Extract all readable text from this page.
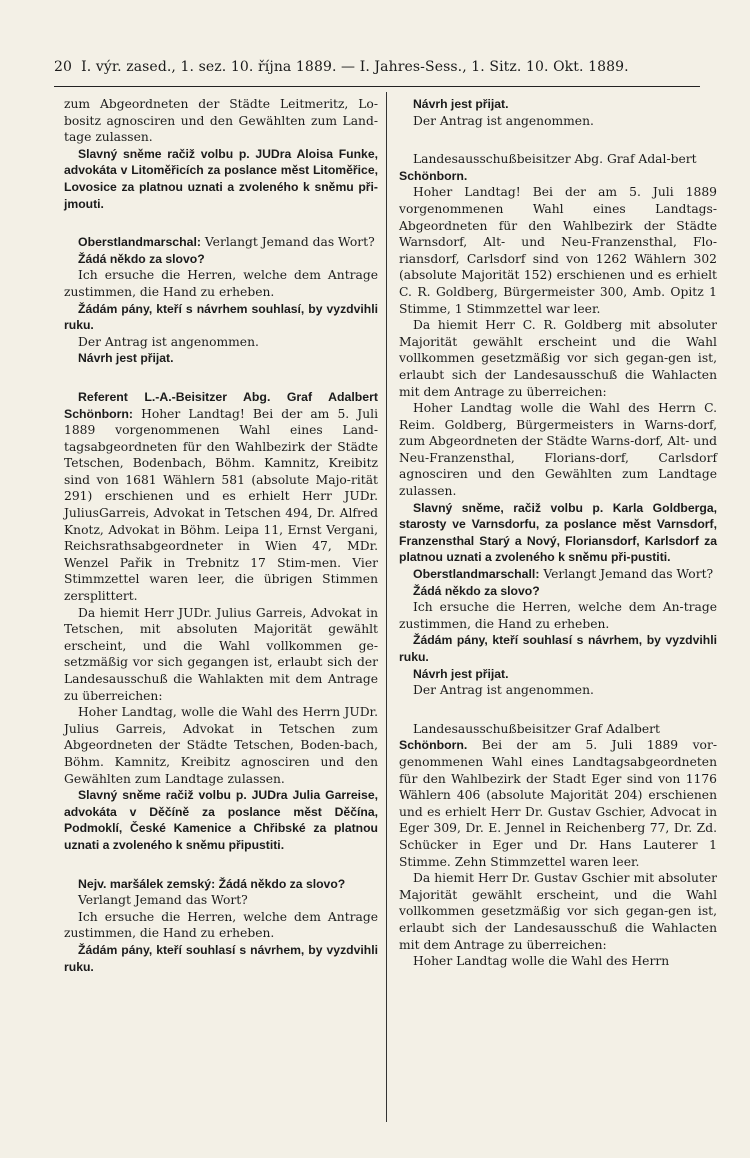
20 I. výr. zased., 1. sez. 10. října 1889. — I. Jahres-Sess., 1. Sitz. 10. Okt. 1889.

zum Abgeordneten der Städte Leitmeritz, Lo-bositz agnosciren und den Gewählten zum Land-tage zulassen.

Slavný sněme račiž volbu p. JUDra Aloisa Funke, advokáta v Litoměřicích za poslance měst Litoměřice, Lovosice za platnou uznati a zvoleného k sněmu při-jmouti.

Oberstlandmarschal: Verlangt Jemand das Wort?

Žádá někdo za slovo?

Ich ersuche die Herren, welche dem Antrage zustimmen, die Hand zu erheben.

Žádám pány, kteří s návrhem souhlasí, by vyzdvihli ruku.

Der Antrag ist angenommen.

Návrh jest přijat.

Referent L.-A.-Beisitzer Abg. Graf Adalbert Schönborn: Hoher Landtag! Bei der am 5. Juli 1889 vorgenommenen Wahl eines Land-tagsabgeordneten für den Wahlbezirk der Städte Tetschen, Bodenbach, Böhm. Kamnitz, Kreibitz sind von 1681 Wählern 581 (absolute Majo-rität 291) erschienen und es erhielt Herr JUDr. JuliusGarreis, Advokat in Tetschen 494, Dr. Alfred Knotz, Advokat in Böhm. Leipa 11, Ernst Vergani, Reichsrathsabgeordneter in Wien 47, MDr. Wenzel Pařik in Trebnitz 17 Stim-men. Vier Stimmzettel waren leer, die übrigen Stimmen zersplittert.

Da hiemit Herr JUDr. Julius Garreis, Advokat in Tetschen, mit absoluten Majorität gewählt erscheint, und die Wahl vollkommen ge-setzmäßig vor sich gegangen ist, erlaubt sich der Landesausschuß die Wahlakten mit dem Antrage zu überreichen:

Hoher Landtag, wolle die Wahl des Herrn JUDr. Julius Garreis, Advokat in Tetschen zum Abgeordneten der Städte Tetschen, Boden-bach, Böhm. Kamnitz, Kreibitz agnosciren und den Gewählten zum Landtage zulassen.

Slavný sněme račiž volbu p. JUDra Julia Garreise, advokáta v Děčíně za poslance měst Děčína, Podmoklí, České Kamenice a Chřibské za platnou uznati a zvoleného k sněmu připustiti.

Nejv. maršálek zemský: Žádá někdo za slovo?

Verlangt Jemand das Wort?

Ich ersuche die Herren, welche dem Antrage zustimmen, die Hand zu erheben.

Žádám pány, kteří souhlasí s návrhem, by vyzdvihli ruku.

Návrh jest přijat.

Der Antrag ist angenommen.

Landesausschußbeisitzer Abg. Graf Adal-bert

Schönborn.

Hoher Landtag! Bei der am 5. Juli 1889 vorgenommenen Wahl eines Landtags-Abgeordneten für den Wahlbezirk der Städte Warnsdorf, Alt- und Neu-Franzensthal, Flo-riansdorf, Carlsdorf sind von 1262 Wählern 302 (absolute Majorität 152) erschienen und es erhielt C. R. Goldberg, Bürgermeister 300, Amb. Opitz 1 Stimme, 1 Stimmzettel war leer.

Da hiemit Herr C. R. Goldberg mit absoluter Majorität gewählt erscheint und die Wahl vollkommen gesetzmäßig vor sich gegan-gen ist, erlaubt sich der Landesausschuß die Wahlacten mit dem Antrage zu überreichen:

Hoher Landtag wolle die Wahl des Herrn C. Reim. Goldberg, Bürgermeisters in Warns-dorf, zum Abgeordneten der Städte Warns-dorf, Alt- und Neu-Franzensthal, Florians-dorf, Carlsdorf agnosciren und den Gewählten zum Landtage zulassen.

Slavný sněme, račiž volbu p. Karla Goldberga, starosty ve Varnsdorfu, za poslance měst Varnsdorf, Franzensthal Starý a Nový, Floriansdorf, Karlsdorf za platnou uznati a zvoleného k sněmu při-pustiti.

Oberstlandmarschall: Verlangt Jemand das Wort?

Žádá někdo za slovo?

Ich ersuche die Herren, welche dem An-trage zustimmen, die Hand zu erheben.

Žádám pány, kteří souhlasí s návrhem, by vyzdvihli ruku.

Návrh jest přijat.

Der Antrag ist angenommen.

Landesausschußbeisitzer Graf Adalbert

Schönborn. Bei der am 5. Juli 1889 vor-genommenen Wahl eines Landtagsabgeordneten für den Wahlbezirk der Stadt Eger sind von 1176 Wählern 406 (absolute Majorität 204) erschienen und es erhielt Herr Dr. Gustav Gschier, Advocat in Eger 309, Dr. E. Jennel in Reichenberg 77, Dr. Zd. Schücker in Eger und Dr. Hans Lauterer 1 Stimme. Zehn Stimmzettel waren leer.

Da hiemit Herr Dr. Gustav Gschier mit absoluter Majorität gewählt erscheint, und die Wahl vollkommen gesetzmäßig vor sich gegan-gen ist, erlaubt sich der Landesausschuß die Wahlacten mit dem Antrage zu überreichen:

Hoher Landtag wolle die Wahl des Herrn
